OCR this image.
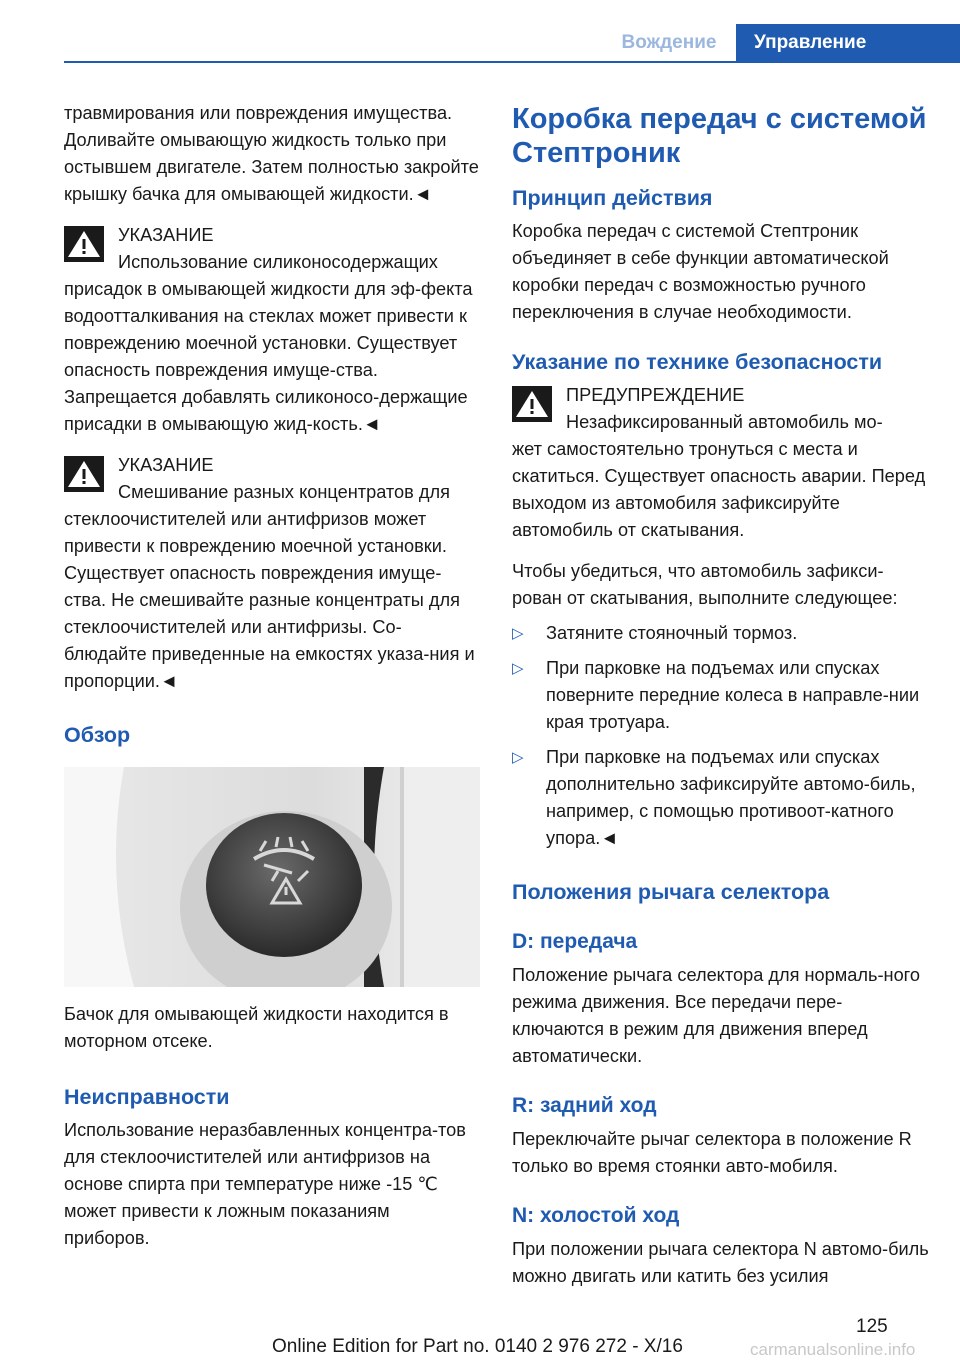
Вождение	Управление

травмирования или повреждения имущества. Доливайте омывающую жидкость только при остывшем двигателе. Затем полностью закройте крышку бачка для омывающей жидкости.◄

УКАЗАНИЕ

Использование силиконосодержащих

присадок в омывающей жидкости для эф-фекта водоотталкивания на стеклах может привести к повреждению моечной установки. Существует опасность повреждения имуще-ства. Запрещается добавлять силиконосо-держащие присадки в омывающую жид-кость.◄

УКАЗАНИЕ

Смешивание разных концентратов для

стеклоочистителей или антифризов может привести к повреждению моечной установки. Существует опасность повреждения имуще-ства. Не смешивайте разные концентраты для стеклоочистителей или антифризы. Со-блюдайте приведенные на емкостях указа-ния и пропорции.◄

Обзор

Бачок для омывающей жидкости находится в моторном отсеке.

Неисправности

Использование неразбавленных концентра-тов для стеклоочистителей или антифризов на основе спирта при температуре ниже -15 ℃ может привести к ложным показаниям приборов.

Коробка передач с системой Стептроник
Принцип действия

Коробка передач с системой Стептроник объединяет в себе функции автоматической коробки передач с возможностью ручного переключения в случае необходимости.

Указание по технике безопасности

ПРЕДУПРЕЖДЕНИЕ

Незафиксированный автомобиль мо-

жет самостоятельно тронуться с места и скатиться. Существует опасность аварии. Перед выходом из автомобиля зафиксируйте автомобиль от скатывания.

Чтобы убедиться, что автомобиль зафикси-рован от скатывания, выполните следующее:

▷ Затяните стояночный тормоз.
▷ При парковке на подъемах или спусках поверните передние колеса в направле-нии края тротуара.
▷ При парковке на подъемах или спусках дополнительно зафиксируйте автомо-биль, например, с помощью противоот-катного упора.◄
Положения рычага селектора
D: передача

Положение рычага селектора для нормаль-ного режима движения. Все передачи пере-ключаются в режим для движения вперед автоматически.

R: задний ход

Переключайте рычаг селектора в положение R только во время стоянки авто-мобиля.

N: холостой ход

При положении рычага селектора N автомо-биль можно двигать или катить без усилия

125
Online Edition for Part no. 0140 2 976 272 - X/16	carmanualsonline.info
